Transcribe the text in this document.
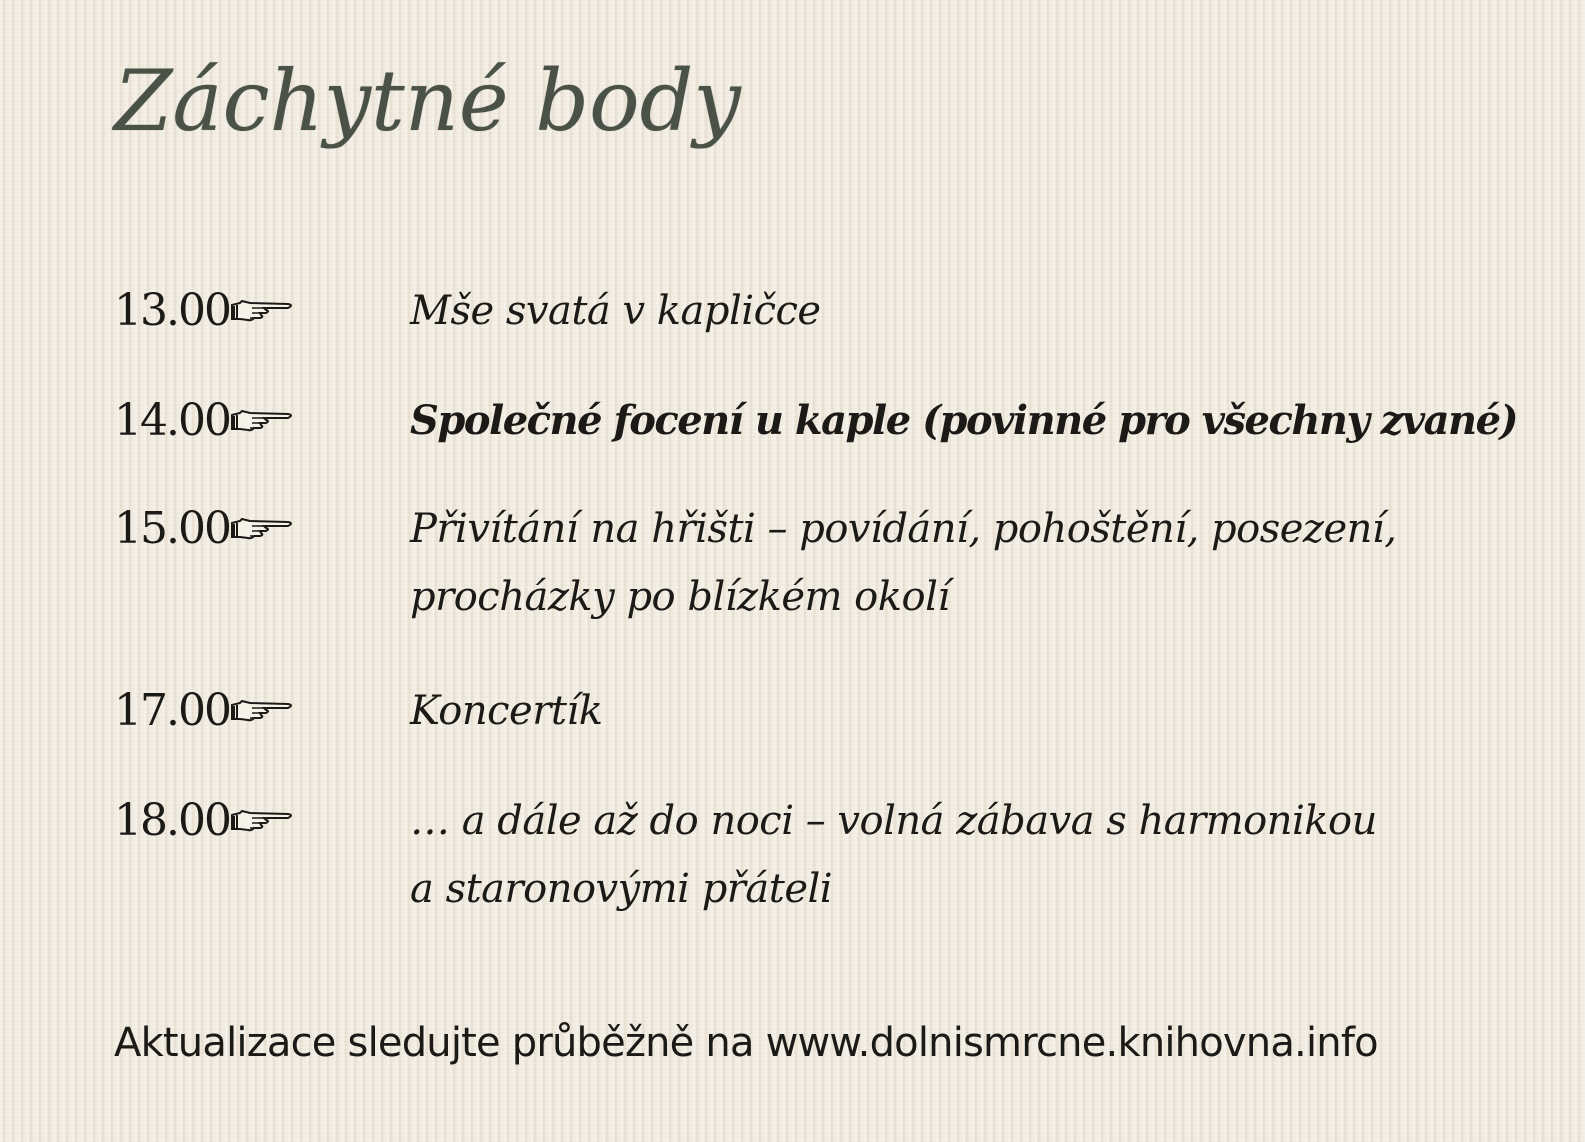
Záchytné body
13.00	Mše svatá v kapličce
14.00	Společné focení u kaple (povinné pro všechny zvané)
15.00	Přivítání na hřišti – povídání, pohoštění, posezení,
procházky po blízkém okolí
17.00	Koncertík
18.00	… a dále až do noci – volná zábava s harmonikou
a staronovými přáteli
Aktualizace sledujte průběžně na www.dolnismrcne.knihovna.info
